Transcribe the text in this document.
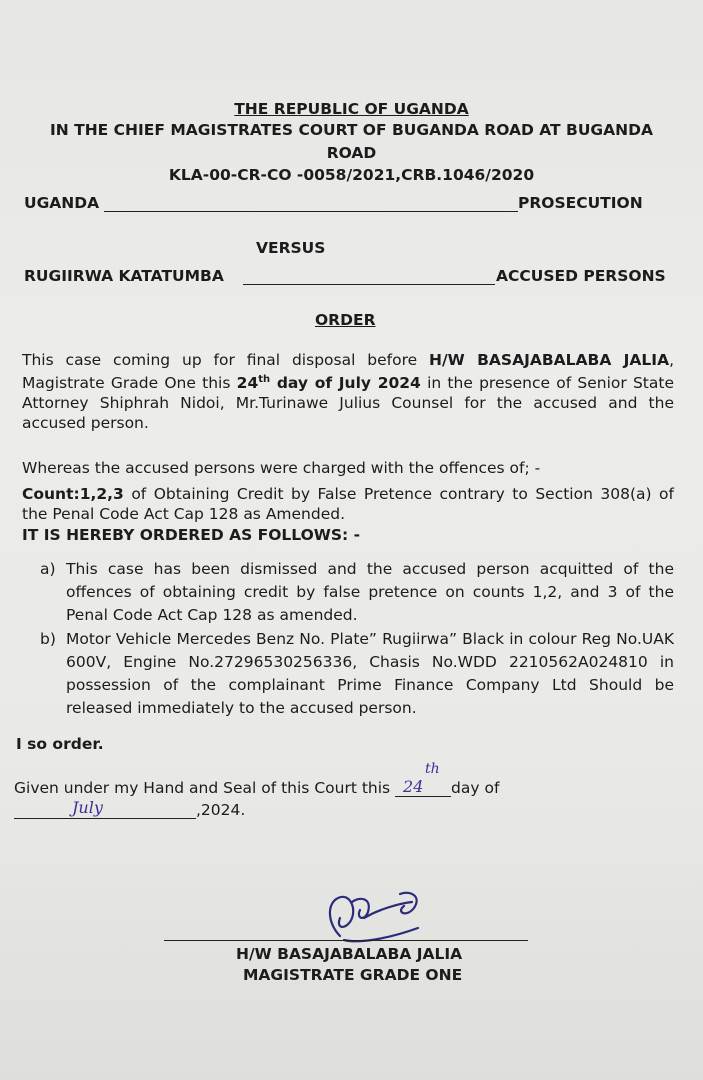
THE REPUBLIC OF UGANDA
IN THE CHIEF MAGISTRATES COURT OF BUGANDA ROAD AT BUGANDA
ROAD
KLA-00-CR-CO -0058/2021,CRB.1046/2020
UGANDA	PROSECUTION
VERSUS
RUGIIRWA KATATUMBA	ACCUSED PERSONS
ORDER
This case coming up for final disposal before H/W BASAJABALABA JALIA, Magistrate Grade One this 24th day of July 2024 in the presence of Senior State Attorney Shiphrah Nidoi, Mr.Turinawe Julius Counsel for the accused and the accused person.
Whereas the accused persons were charged with the offences of; -
Count:1,2,3 of Obtaining Credit by False Pretence contrary to Section 308(a) of the Penal Code Act Cap 128 as Amended.
IT IS HEREBY ORDERED AS FOLLOWS: -
a) This case has been dismissed and the accused person acquitted of the offences of obtaining credit by false pretence on counts 1,2, and 3 of the Penal Code Act Cap 128 as amended.
b) Motor Vehicle Mercedes Benz No. Plate” Rugiirwa” Black in colour Reg No.UAK 600V, Engine No.27296530256336, Chasis No.WDD 2210562A024810 in possession of the complainant Prime Finance Company Ltd Should be released immediately to the accused person.
I so order.
Given under my Hand and Seal of this Court this 24
th
day of
July	,2024.
H/W BASAJABALABA JALIA
MAGISTRATE GRADE ONE
